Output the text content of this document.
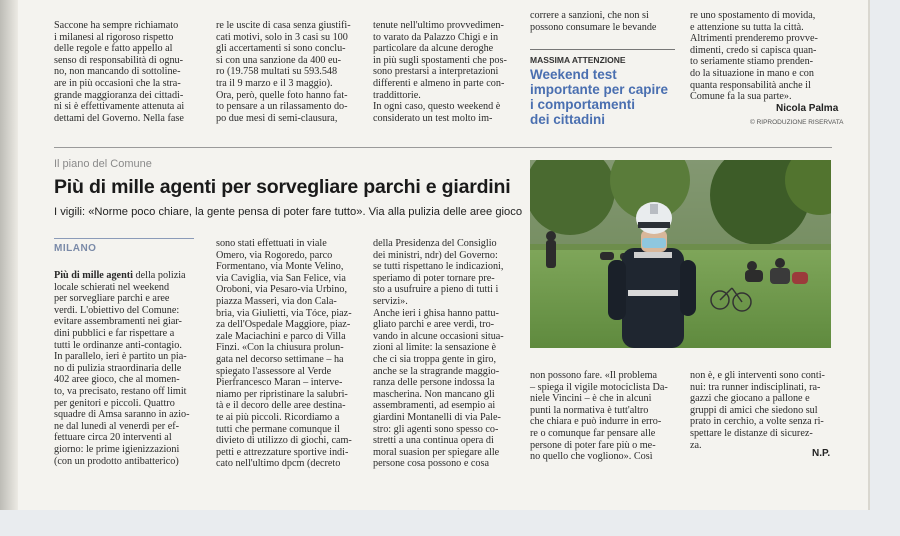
Saccone ha sempre richiamato
i milanesi al rigoroso rispetto
delle regole e fatto appello al
senso di responsabilità di ognu-
no, non mancando di sottoline-
are in più occasioni che la stra-
grande maggioranza dei cittadi-
ni si è effettivamente attenuta ai
dettami del Governo. Nella fase

re le uscite di casa senza giustifi-
cati motivi, solo in 3 casi su 100
gli accertamenti si sono conclu-
si con una sanzione da 400 eu-
ro (19.758 multati su 593.548
tra il 9 marzo e il 3 maggio).
Ora, però, quelle foto hanno fat-
to pensare a un rilassamento do-
po due mesi di semi-clausura,

tenute nell'ultimo provvedimen-
to varato da Palazzo Chigi e in
particolare da alcune deroghe
in più sugli spostamenti che pos-
sono prestarsi a interpretazioni
differenti e almeno in parte con-
traddittorie.
In ogni caso, questo weekend è
considerato un test molto im-

correre a sanzioni, che non si
possono consumare le bevande

re uno spostamento di movida,
e attenzione su tutta la città.
Altrimenti prenderemo provve-
dimenti, credo si capisca quan-
to seriamente stiamo prenden-
do la situazione in mano e con
quanta responsabilità anche il
Comune fa la sua parte».

MASSIMA ATTENZIONE
Weekend test
importante per capire
i comportamenti
dei cittadini
Nicola Palma
© RIPRODUZIONE RISERVATA
Il piano del Comune
Più di mille agenti per sorvegliare parchi e giardini
I vigili: «Norme poco chiare, la gente pensa di poter fare tutto». Via alla pulizia delle aree gioco
MILANO

Più di mille agenti della polizia
locale schierati nel weekend
per sorvegliare parchi e aree
verdi. L'obiettivo del Comune:
evitare assembramenti nei giar-
dini pubblici e far rispettare a
tutti le ordinanze anti-contagio.
In parallelo, ieri è partito un pia-
no di pulizia straordinaria delle
402 aree gioco, che al momen-
to, va precisato, restano off limit
per genitori e piccoli. Quattro
squadre di Amsa saranno in azio-
ne dal lunedì al venerdì per ef-
fettuare circa 20 interventi al
giorno: le prime igienizzazioni
(con un prodotto antibatterico)

sono stati effettuati in viale
Omero, via Rogoredo, parco
Formentano, via Monte Velino,
via Caviglia, via San Felice, via
Oroboni, via Pesaro-via Urbino,
piazza Masseri, via don Cala-
bria, via Giulietti, via Tóce, piaz-
za dell'Ospedale Maggiore, piaz-
zale Maciachini e parco di Villa
Finzi. «Con la chiusura prolun-
gata nel decorso settimane – ha
spiegato l'assessore al Verde
Pierfrancesco Maran – interve-
niamo per ripristinare la salubri-
tà e il decoro delle aree destina-
te ai più piccoli. Ricordiamo a
tutti che permane comunque il
divieto di utilizzo di giochi, cam-
petti e attrezzature sportive indi-
cato nell'ultimo dpcm (decreto

della Presidenza del Consiglio
dei ministri, ndr) del Governo:
se tutti rispettano le indicazioni,
speriamo di poter tornare pre-
sto a usufruire a pieno di tutti i
servizi».
Anche ieri i ghisa hanno pattu-
gliato parchi e aree verdi, tro-
vando in alcune occasioni situa-
zioni al limite: la sensazione è
che ci sia troppa gente in giro,
anche se la stragrande maggio-
ranza delle persone indossa la
mascherina. Non mancano gli
assembramenti, ad esempio ai
giardini Montanelli di via Pale-
stro: gli agenti sono spesso co-
stretti a una continua opera di
moral suasion per spiegare alle
persone cosa possono e cosa

non possono fare. «Il problema
– spiega il vigile motociclista Da-
niele Vincini – è che in alcuni
punti la normativa è tutt'altro
che chiara e può indurre in erro-
re o comunque far pensare alle
persone di poter fare più o me-
no quello che vogliono». Così

non è, e gli interventi sono conti-
nui: tra runner indisciplinati, ra-
gazzi che giocano a pallone e
gruppi di amici che siedono sul
prato in cerchio, a volte senza ri-
spettare le distanze di sicurez-
za.

N.P.
